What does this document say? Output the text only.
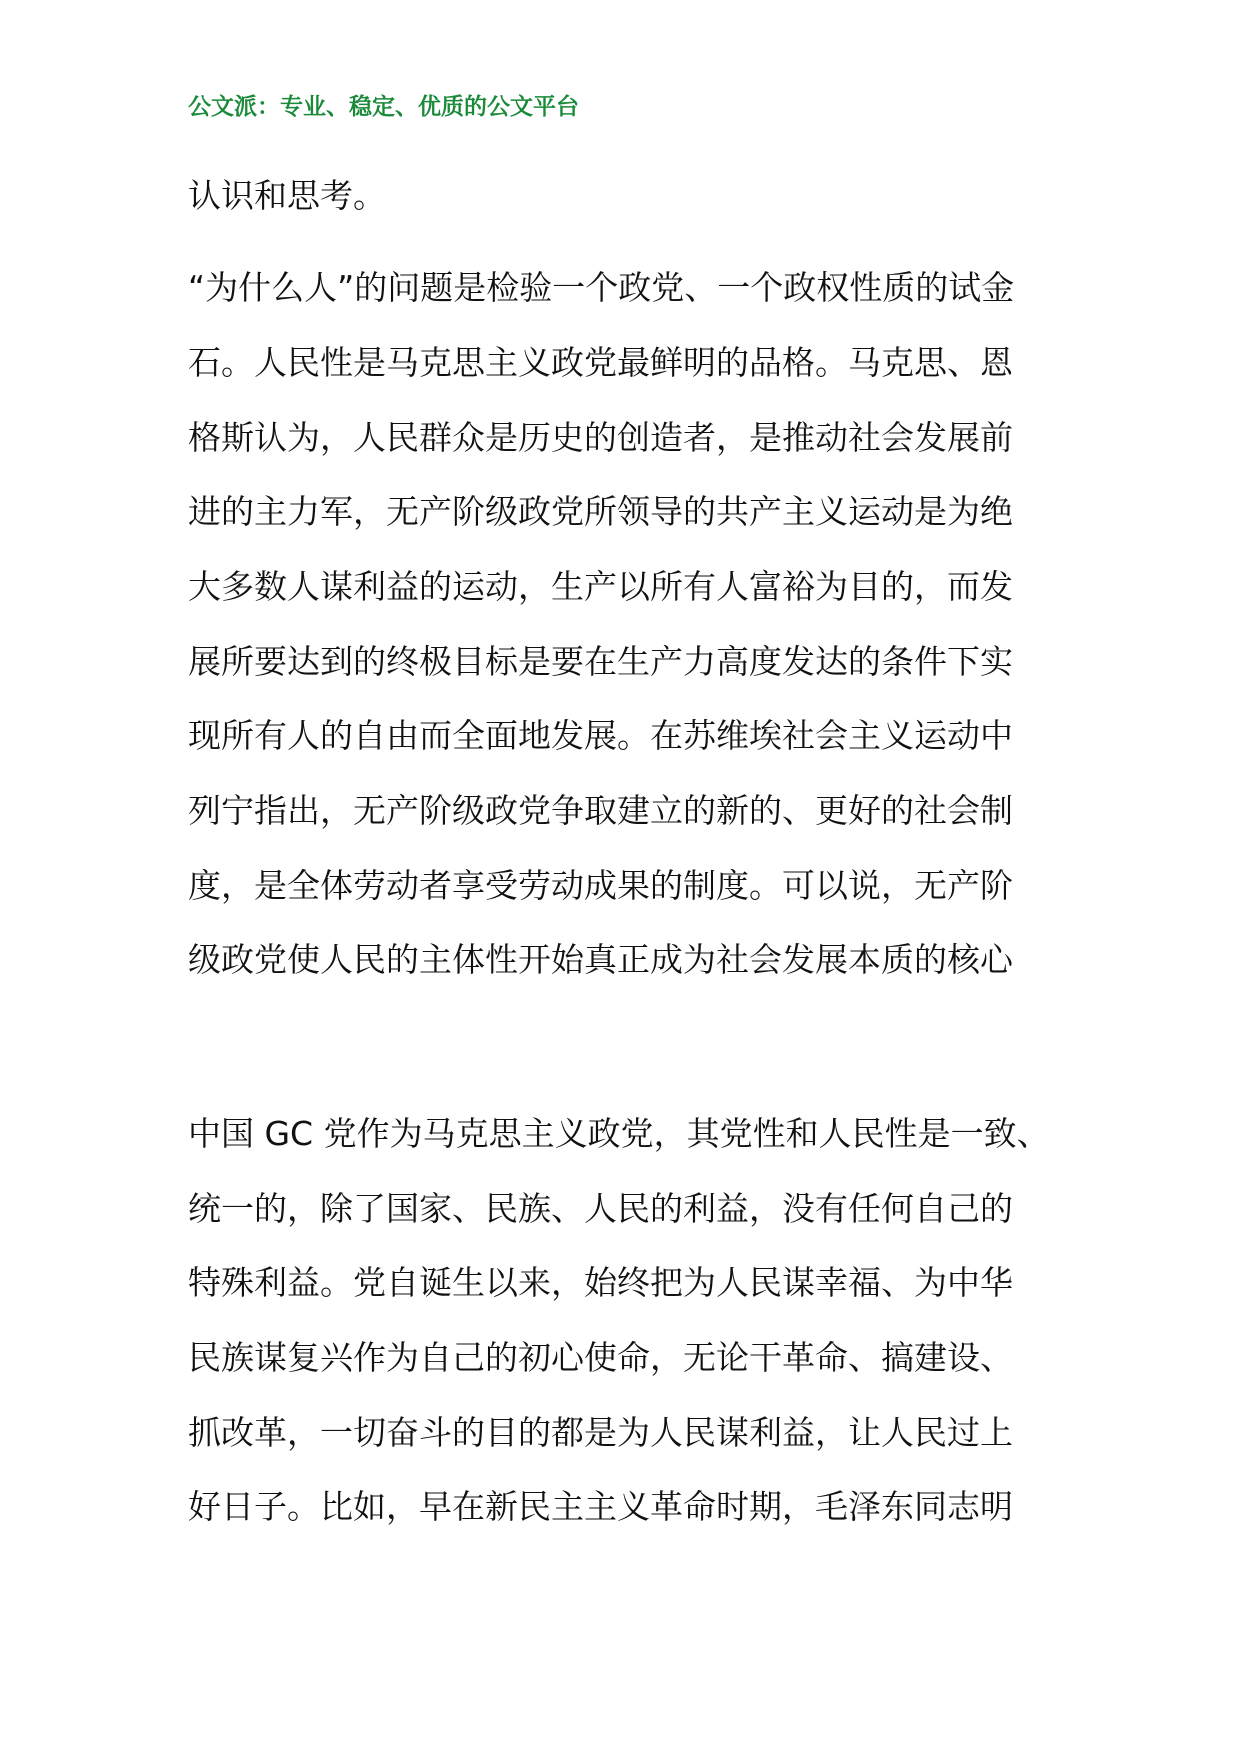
公文派：专业、稳定、优质的公文平台
认识和思考。
“为什么人”的问题是检验一个政党、一个政权性质的试金
石。人民性是马克思主义政党最鲜明的品格。马克思、恩
格斯认为，人民群众是历史的创造者，是推动社会发展前
进的主力军，无产阶级政党所领导的共产主义运动是为绝
大多数人谋利益的运动，生产以所有人富裕为目的，而发
展所要达到的终极目标是要在生产力高度发达的条件下实
现所有人的自由而全面地发展。在苏维埃社会主义运动中
列宁指出，无产阶级政党争取建立的新的、更好的社会制
度，是全体劳动者享受劳动成果的制度。可以说，无产阶
级政党使人民的主体性开始真正成为社会发展本质的核心
中国 GC 党作为马克思主义政党，其党性和人民性是一致、
统一的，除了国家、民族、人民的利益，没有任何自己的
特殊利益。党自诞生以来，始终把为人民谋幸福、为中华
民族谋复兴作为自己的初心使命，无论干革命、搞建设、
抓改革，一切奋斗的目的都是为人民谋利益，让人民过上
好日子。比如，早在新民主主义革命时期，毛泽东同志明
